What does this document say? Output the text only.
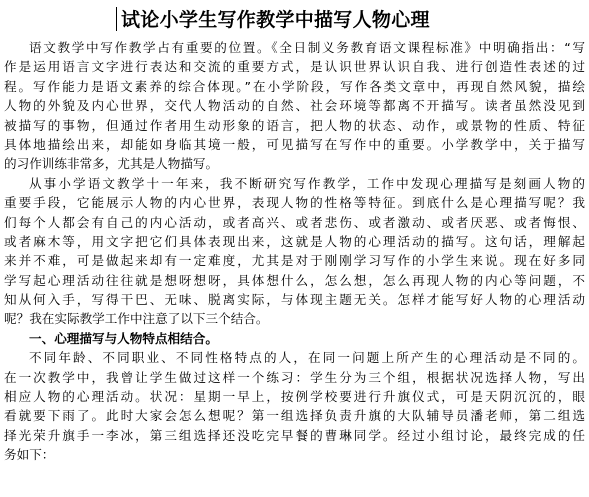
试论小学生写作教学中描写人物心理
语文教学中写作教学占有重要的位置。《全日制义务教育语文课程标准》中明确指出：“写
作是运用语言文字进行表达和交流的重要方式，是认识世界认识自我、进行创造性表述的过
程。写作能力是语文素养的综合体现。”在小学阶段，写作各类文章中，再现自然风貌，描绘
人物的外貌及内心世界，交代人物活动的自然、社会环境等都离不开描写。读者虽然没见到
被描写的事物，但通过作者用生动形象的语言，把人物的状态、动作，或景物的性质、特征
具体地描绘出来，却能如身临其境一般，可见描写在写作中的重要。小学教学中，关于描写
的习作训练非常多，尤其是人物描写。
从事小学语文教学十一年来，我不断研究写作教学，工作中发现心理描写是刻画人物的
重要手段，它能展示人物的内心世界，表现人物的性格等特征。到底什么是心理描写呢？我
们每个人都会有自己的内心活动，或者高兴、或者悲伤、或者激动、或者厌恶、或者悔恨、
或者麻木等，用文字把它们具体表现出来，这就是人物的心理活动的描写。这句话，理解起
来并不难，可是做起来却有一定难度，尤其是对于刚刚学习写作的小学生来说。现在好多同
学写起心理活动往往就是想呀想呀，具体想什么，怎么想，怎么再现人物的内心等问题，不
知从何入手，写得干巴、无味、脱离实际，与体现主题无关。怎样才能写好人物的心理活动
呢？我在实际教学工作中注意了以下三个结合。
一、心理描写与人物特点相结合。
不同年龄、不同职业、不同性格特点的人，在同一问题上所产生的心理活动是不同的。
在一次教学中，我曾让学生做过这样一个练习：学生分为三个组，根据状况选择人物，写出
相应人物的心理活动。状况：星期一早上，按例学校要进行升旗仪式，可是天阴沉沉的，眼
看就要下雨了。此时大家会怎么想呢？第一组选择负责升旗的大队辅导员潘老师，第二组选
择光荣升旗手一李冰，第三组选择还没吃完早餐的曹琳同学。经过小组讨论，最终完成的任
务如下：
